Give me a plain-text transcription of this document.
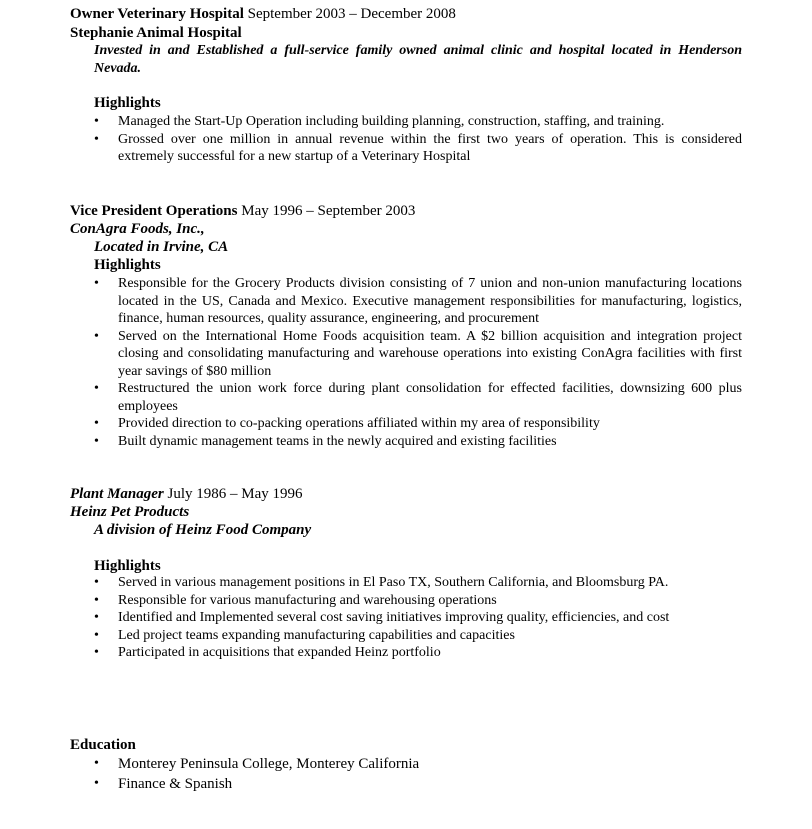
Owner Veterinary Hospital September 2003 – December 2008
Stephanie Animal Hospital
Invested in and Established a full-service family owned animal clinic and hospital located in Henderson Nevada.
Highlights
• Managed the Start-Up Operation including building planning, construction, staffing, and training.
• Grossed over one million in annual revenue within the first two years of operation. This is considered extremely successful for a new startup of a Veterinary Hospital
Vice President Operations May 1996 – September 2003
ConAgra Foods, Inc.,
Located in Irvine, CA
Highlights
• Responsible for the Grocery Products division consisting of 7 union and non-union manufacturing locations located in the US, Canada and Mexico. Executive management responsibilities for manufacturing, logistics, finance, human resources, quality assurance, engineering, and procurement
• Served on the International Home Foods acquisition team. A $2 billion acquisition and integration project closing and consolidating manufacturing and warehouse operations into existing ConAgra facilities with first year savings of $80 million
• Restructured the union work force during plant consolidation for effected facilities, downsizing 600 plus employees
• Provided direction to co-packing operations affiliated within my area of responsibility
• Built dynamic management teams in the newly acquired and existing facilities
Plant Manager July 1986 – May 1996
Heinz Pet Products
A division of Heinz Food Company
Highlights
• Served in various management positions in El Paso TX, Southern California, and Bloomsburg PA.
• Responsible for various manufacturing and warehousing operations
• Identified and Implemented several cost saving initiatives improving quality, efficiencies, and cost
• Led project teams expanding manufacturing capabilities and capacities
• Participated in acquisitions that expanded Heinz portfolio
Education
• Monterey Peninsula College, Monterey California
• Finance & Spanish
